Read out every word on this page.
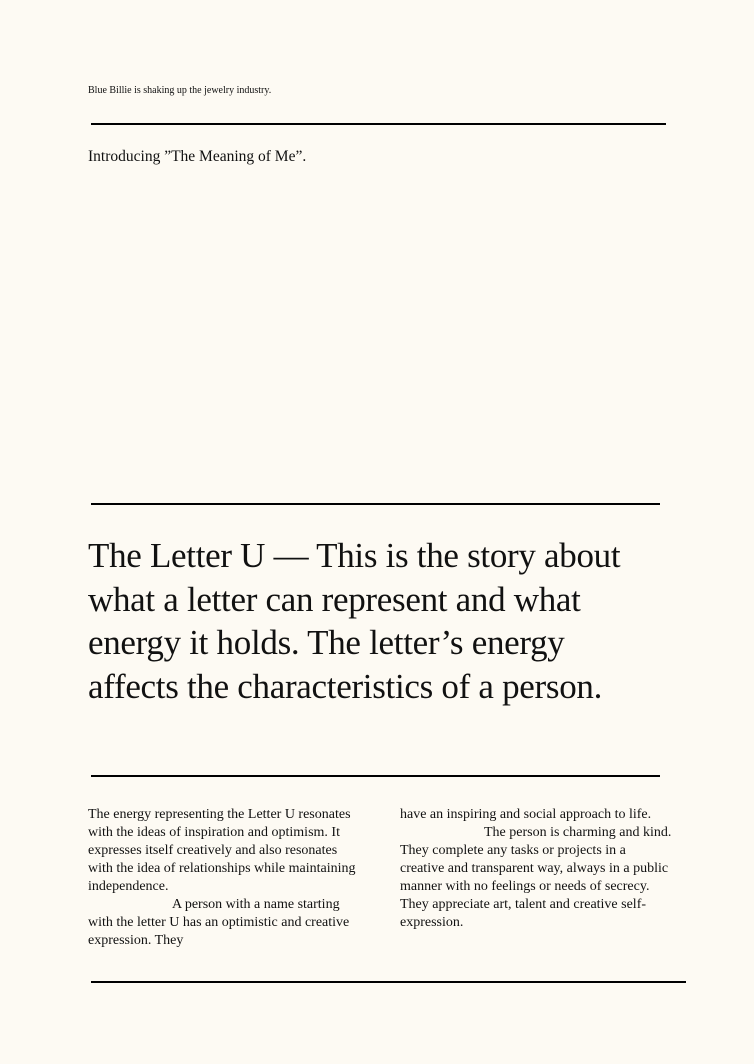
Blue Billie is shaking up the jewelry industry.
Introducing ”The Meaning of Me”.
The Letter U — This is the story about what a letter can represent and what energy it holds. The letter’s energy affects the characteristics of a person.

The energy representing the Letter U resonates with the ideas of inspiration and optimism. It expresses itself creatively and also resonates with the idea of relationships while maintaining independence.

A person with a name starting with the letter U has an optimistic and creative expression. They

have an inspiring and social approach to life.

The person is charming and kind. They complete any tasks or projects in a creative and transparent way, always in a public manner with no feelings or needs of secrecy. They appreciate art, talent and creative self-expression.
